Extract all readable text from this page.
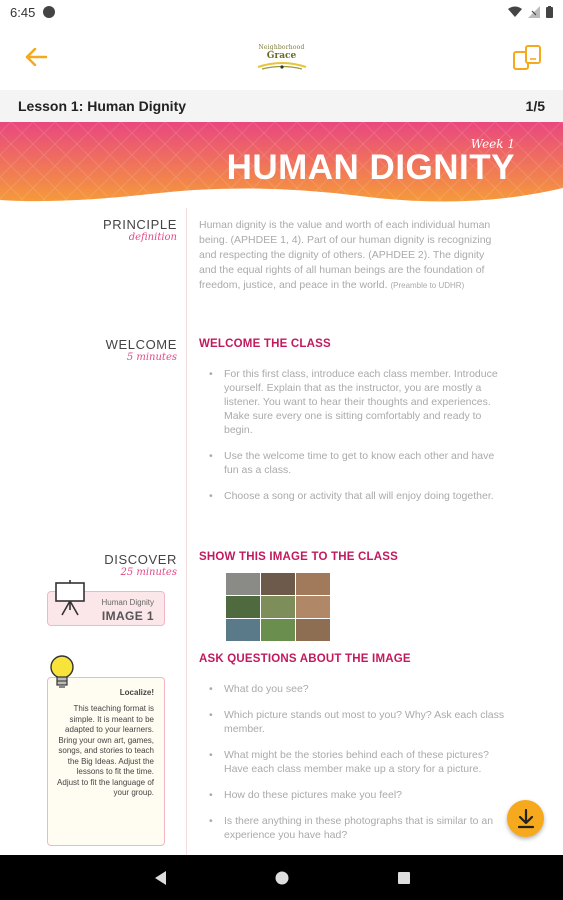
6:45
Neighborhood
Grace
Lesson 1: Human Dignity	1/5
Week 1
HUMAN DIGNITY
PRINCIPLE
definition
Human dignity is the value and worth of each individual human being. (APHDEE 1, 4). Part of our human dignity is recognizing and respecting the dignity of others. (APHDEE 2). The dignity and the equal rights of all human beings are the foundation of freedom, justice, and peace in the world. (Preamble to UDHR)
WELCOME
5 minutes
WELCOME THE CLASS
• For this first class, introduce each class member. Introduce yourself. Explain that as the instructor, you are mostly a listener. You want to hear their thoughts and experiences. Make sure every one is sitting comfortably and ready to begin.
• Use the welcome time to get to know each other and have fun as a class.
• Choose a song or activity that all will enjoy doing together.
DISCOVER
25 minutes
SHOW THIS IMAGE TO THE CLASS
Human Dignity
IMAGE 1
ASK QUESTIONS ABOUT THE IMAGE
• What do you see?
• Which picture stands out most to you? Why? Ask each class member.
• What might be the stories behind each of these pictures? Have each class member make up a story for a picture.
• How do these pictures make you feel?
• Is there anything in these photographs that is similar to an experience you have had?
Localize!
This teaching format is simple. It is meant to be adapted to your learners. Bring your own art, games, songs, and stories to teach the Big Ideas. Adjust the lessons to fit the time. Adjust to fit the language of your group.
